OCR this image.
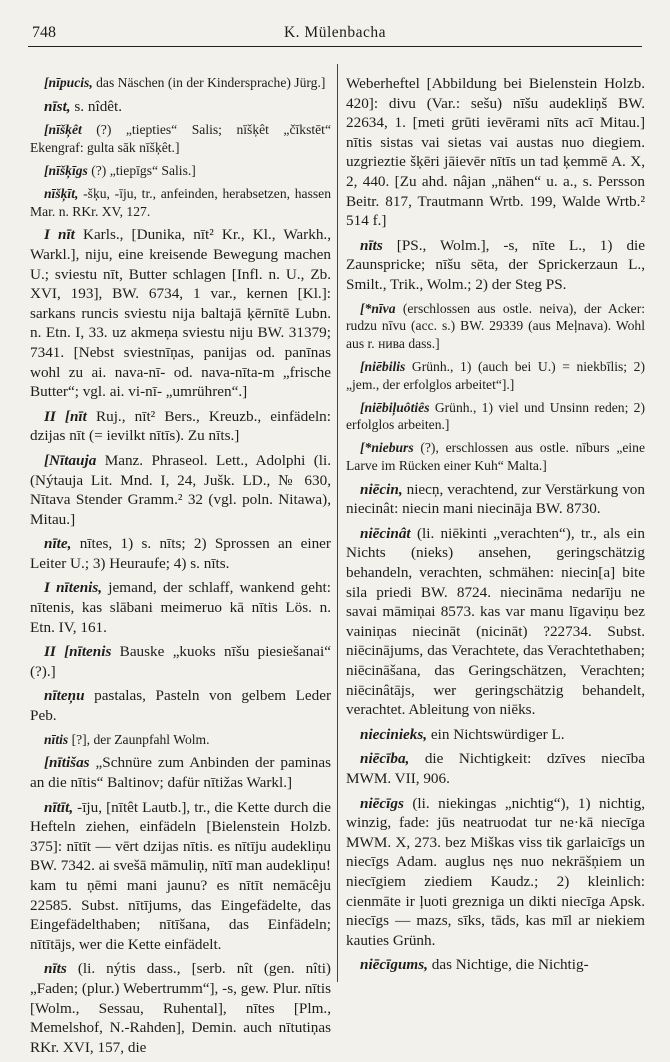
748	K. Mülenbacha

[nīpucis, das Näschen (in der Kindersprache) Jürg.]

nīst, s. nîdêt.

[nīšķêt (?) „tiepties“ Salis; nīšķêt „čīkstēt“ Ekengraf: gulta sāk nīšķêt.]

[nīšķīgs (?) „tiepīgs“ Salis.]

nīšķīt, -šķu, -īju, tr., anfeinden, herabsetzen, hassen Mar. n. RKr. XV, 127.

I nīt Karls., [Dunika, nīt² Kr., Kl., Warkh., Warkl.], niju, eine kreisende Bewegung machen U.; sviestu nīt, Butter schlagen [Infl. n. U., Zb. XVI, 193], BW. 6734, 1 var., kernen [Kl.]: sarkans runcis sviestu nija baltajā ķērnītē Lubn. n. Etn. I, 33. uz akmeņa sviestu niju BW. 31379; 7341. [Nebst sviestnīņas, panijas od. panīnas wohl zu ai. nava-nī- od. nava-nīta-m „frische Butter“; vgl. ai. vi-nī- „umrühren“.]

II [nīt Ruj., nīt² Bers., Kreuzb., einfädeln: dzijas nīt (= ievilkt nītīs). Zu nīts.]

[Nītauja Manz. Phraseol. Lett., Adolphi (li. (Nýtauja Lit. Mnd. I, 24, Jušk. LD., № 630, Nītava Stender Gramm.² 32 (vgl. poln. Nitawa), Mitau.]

nīte, nītes, 1) s. nīts; 2) Sprossen an einer Leiter U.; 3) Heuraufe; 4) s. nīts.

I nītenis, jemand, der schlaff, wankend geht: nītenis, kas slābani meimeruo kā nītis Lös. n. Etn. IV, 161.

II [nītenis Bauske „kuoks nīšu piesiešanai“ (?).]

nīteņu pastalas, Pasteln von gelbem Leder Peb.

nītis [?], der Zaunpfahl Wolm.

[nītišas „Schnüre zum Anbinden der paminas an die nītis“ Baltinov; dafür nītižas Warkl.]

nītīt, -īju, [nītêt Lautb.], tr., die Kette durch die Hefteln ziehen, einfädeln [Bielenstein Holzb. 375]: nītīt — vērt dzijas nītis. es nītīju audekliņu BW. 7342. ai svešā māmuliņ, nītī man audekliņu! kam tu ņēmi mani jaunu? es nītīt nemācêju 22585. Subst. nītījums, das Eingefädelte, das Eingefädelthaben; nītīšana, das Einfädeln; nītītājs, wer die Kette einfädelt.

nīts (li. nýtis dass., [serb. nît (gen. nîti) „Faden; (plur.) Webertrumm“], -s, gew. Plur. nītis [Wolm., Sessau, Ruhental], nītes [Plm., Memelshof, N.-Rahden], Demin. auch nītutiņas RKr. XVI, 157, die

Weberheftel [Abbildung bei Bielenstein Holzb. 420]: divu (Var.: sešu) nīšu audekliņš BW. 22634, 1. [meti grūti ievērami nīts acī Mitau.] nītis sistas vai sietas vai austas nuo diegiem. uzgrieztie šķēri jāievēr nītīs un tad ķemmē A. X, 2, 440. [Zu ahd. nâjan „nähen“ u. a., s. Persson Beitr. 817, Trautmann Wrtb. 199, Walde Wrtb.² 514 f.]

nīts [PS., Wolm.], -s, nīte L., 1) die Zaunspricke; nīšu sēta, der Sprickerzaun L., Smilt., Trik., Wolm.; 2) der Steg PS.

[*nīva (erschlossen aus ostle. neiva), der Acker: rudzu nīvu (acc. s.) BW. 29339 (aus Meļnava). Wohl aus r. нива dass.]

[niēbilis Grünh., 1) (auch bei U.) = niekbīlis; 2) „jem., der erfolglos arbeitet“].]

[niēbiļuôtiês Grünh., 1) viel und Unsinn reden; 2) erfolglos arbeiten.]

[*nieburs (?), erschlossen aus ostle. nīburs „eine Larve im Rücken einer Kuh“ Malta.]

niēcin, niecņ, verachtend, zur Verstärkung von niecinât: niecin mani niecināja BW. 8730.

niēcinât (li. niēkinti „verachten“), tr., als ein Nichts (nieks) ansehen, geringschätzig behandeln, verachten, schmähen: niecin[a] bite sila priedi BW. 8724. niecināma nedarīju ne savai māmiņai 8573. kas var manu līgaviņu bez vainiņas niecināt (nicināt) ?22734. Subst. niēcinājums, das Verachtete, das Verachtethaben; niēcināšana, das Geringschätzen, Verachten; niēcinâtājs, wer geringschätzig behandelt, verachtet. Ableitung von niēks.

niecinieks, ein Nichtswürdiger L.

niēcība, die Nichtigkeit: dzīves niecība MWM. VII, 906.

niēcīgs (li. niekingas „nichtig“), 1) nichtig, winzig, fade: jūs neatruodat tur ne·kā niecīga MWM. X, 273. bez Miškas viss tik garlaicīgs un niecīgs Adam. auglus nęs nuo nekrāšņiem un niecīgiem ziediem Kaudz.; 2) kleinlich: cienmāte ir ļuoti grezniga un dikti niecīga Apsk. niecīgs — mazs, sīks, tāds, kas mīl ar niekiem kauties Grünh.

niēcīgums, das Nichtige, die Nichtig-
